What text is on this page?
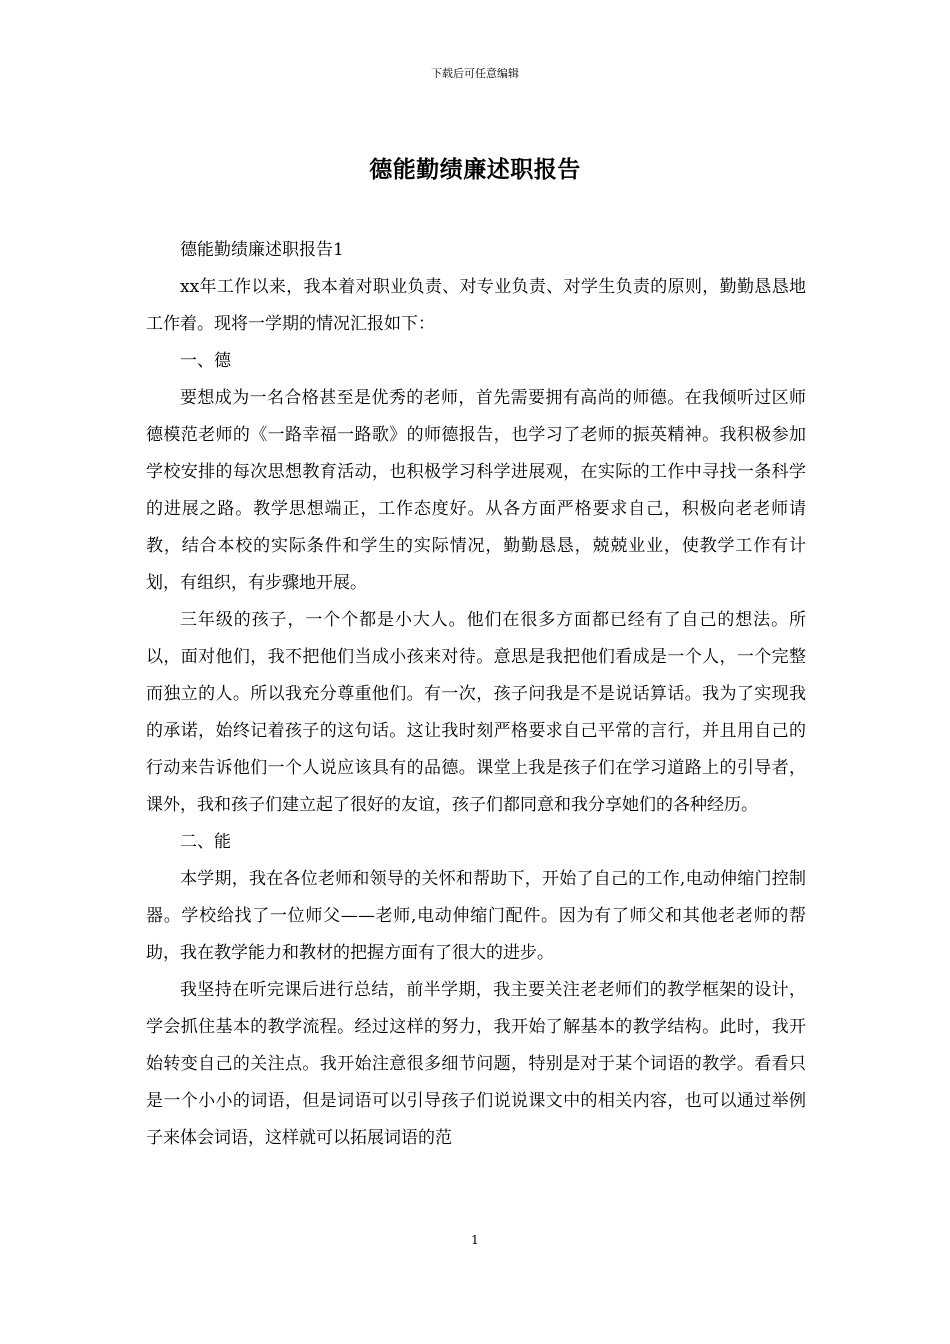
下载后可任意编辑
德能勤绩廉述职报告

德能勤绩廉述职报告1

xx年工作以来，我本着对职业负责、对专业负责、对学生负责的原则，勤勤恳恳地工作着。现将一学期的情况汇报如下：

一、德

要想成为一名合格甚至是优秀的老师，首先需要拥有高尚的师德。在我倾听过区师德模范老师的《一路幸福一路歌》的师德报告，也学习了老师的振英精神。我积极参加学校安排的每次思想教育活动，也积极学习科学进展观，在实际的工作中寻找一条科学的进展之路。教学思想端正，工作态度好。从各方面严格要求自己，积极向老老师请教，结合本校的实际条件和学生的实际情况，勤勤恳恳，兢兢业业，使教学工作有计划，有组织，有步骤地开展。

三年级的孩子，一个个都是小大人。他们在很多方面都已经有了自己的想法。所以，面对他们，我不把他们当成小孩来对待。意思是我把他们看成是一个人，一个完整而独立的人。所以我充分尊重他们。有一次，孩子问我是不是说话算话。我为了实现我的承诺，始终记着孩子的这句话。这让我时刻严格要求自己平常的言行，并且用自己的行动来告诉他们一个人说应该具有的品德。课堂上我是孩子们在学习道路上的引导者，课外，我和孩子们建立起了很好的友谊，孩子们都同意和我分享她们的各种经历。

二、能

本学期，我在各位老师和领导的关怀和帮助下，开始了自己的工作,电动伸缩门控制器。学校给找了一位师父——老师,电动伸缩门配件。因为有了师父和其他老老师的帮助，我在教学能力和教材的把握方面有了很大的进步。

我坚持在听完课后进行总结，前半学期，我主要关注老老师们的教学框架的设计，学会抓住基本的教学流程。经过这样的努力，我开始了解基本的教学结构。此时，我开始转变自己的关注点。我开始注意很多细节问题，特别是对于某个词语的教学。看看只是一个小小的词语，但是词语可以引导孩子们说说课文中的相关内容，也可以通过举例子来体会词语，这样就可以拓展词语的范

1
